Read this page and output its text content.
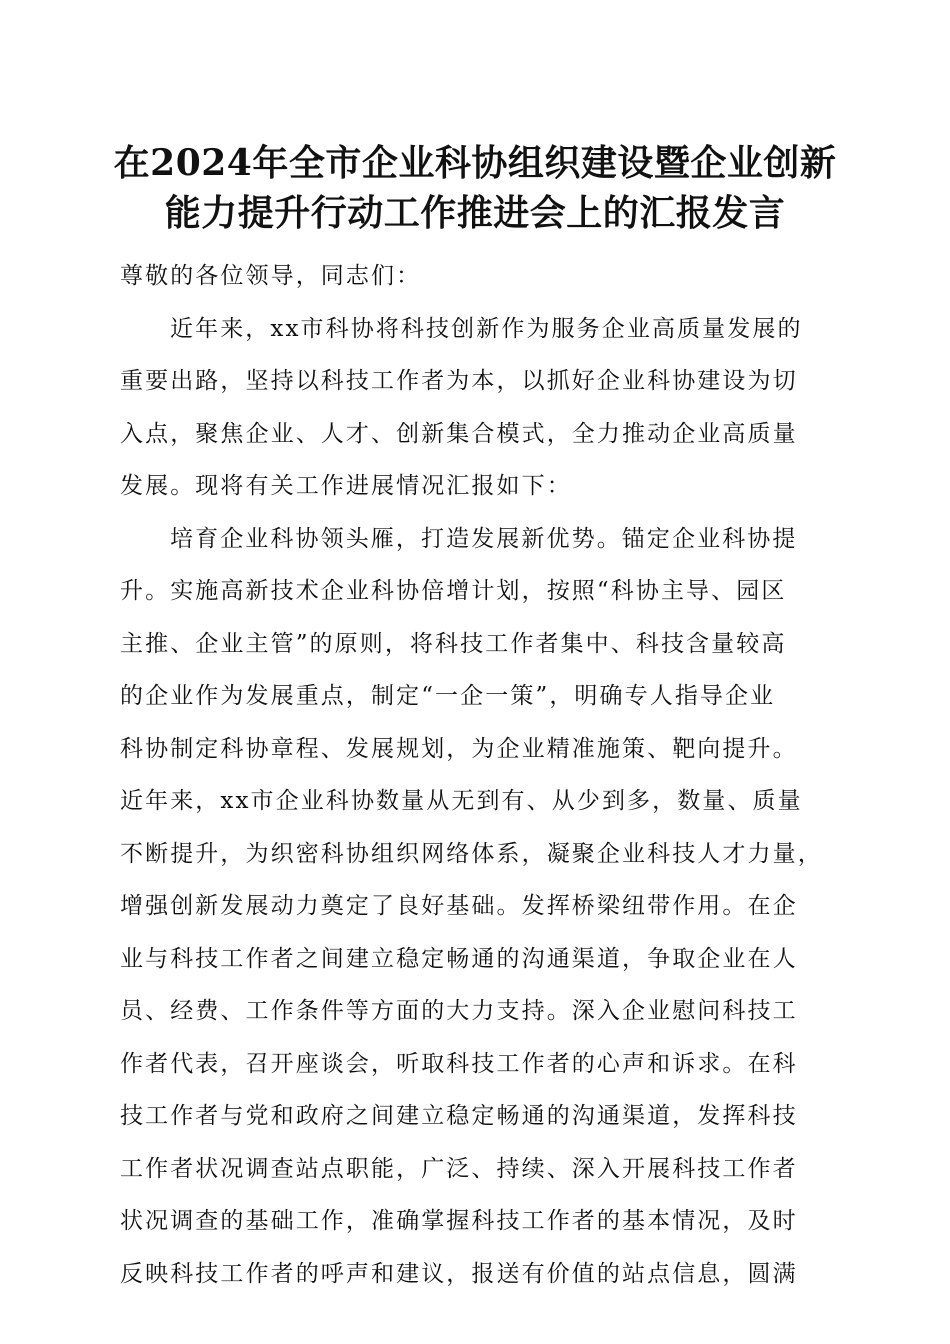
在2024年全市企业科协组织建设暨企业创新
能力提升行动工作推进会上的汇报发言
尊敬的各位领导，同志们：
近年来，xx市科协将科技创新作为服务企业高质量发展的
重要出路，坚持以科技工作者为本，以抓好企业科协建设为切
入点，聚焦企业、人才、创新集合模式，全力推动企业高质量
发展。现将有关工作进展情况汇报如下：
培育企业科协领头雁，打造发展新优势。锚定企业科协提
升。实施高新技术企业科协倍增计划，按照“科协主导、园区
主推、企业主管”的原则，将科技工作者集中、科技含量较高
的企业作为发展重点，制定“一企一策”，明确专人指导企业
科协制定科协章程、发展规划，为企业精准施策、靶向提升。
近年来，xx市企业科协数量从无到有、从少到多，数量、质量
不断提升，为织密科协组织网络体系，凝聚企业科技人才力量，
增强创新发展动力奠定了良好基础。发挥桥梁纽带作用。在企
业与科技工作者之间建立稳定畅通的沟通渠道，争取企业在人
员、经费、工作条件等方面的大力支持。深入企业慰问科技工
作者代表，召开座谈会，听取科技工作者的心声和诉求。在科
技工作者与党和政府之间建立稳定畅通的沟通渠道，发挥科技
工作者状况调查站点职能，广泛、持续、深入开展科技工作者
状况调查的基础工作，准确掌握科技工作者的基本情况，及时
反映科技工作者的呼声和建议，报送有价值的站点信息，圆满
